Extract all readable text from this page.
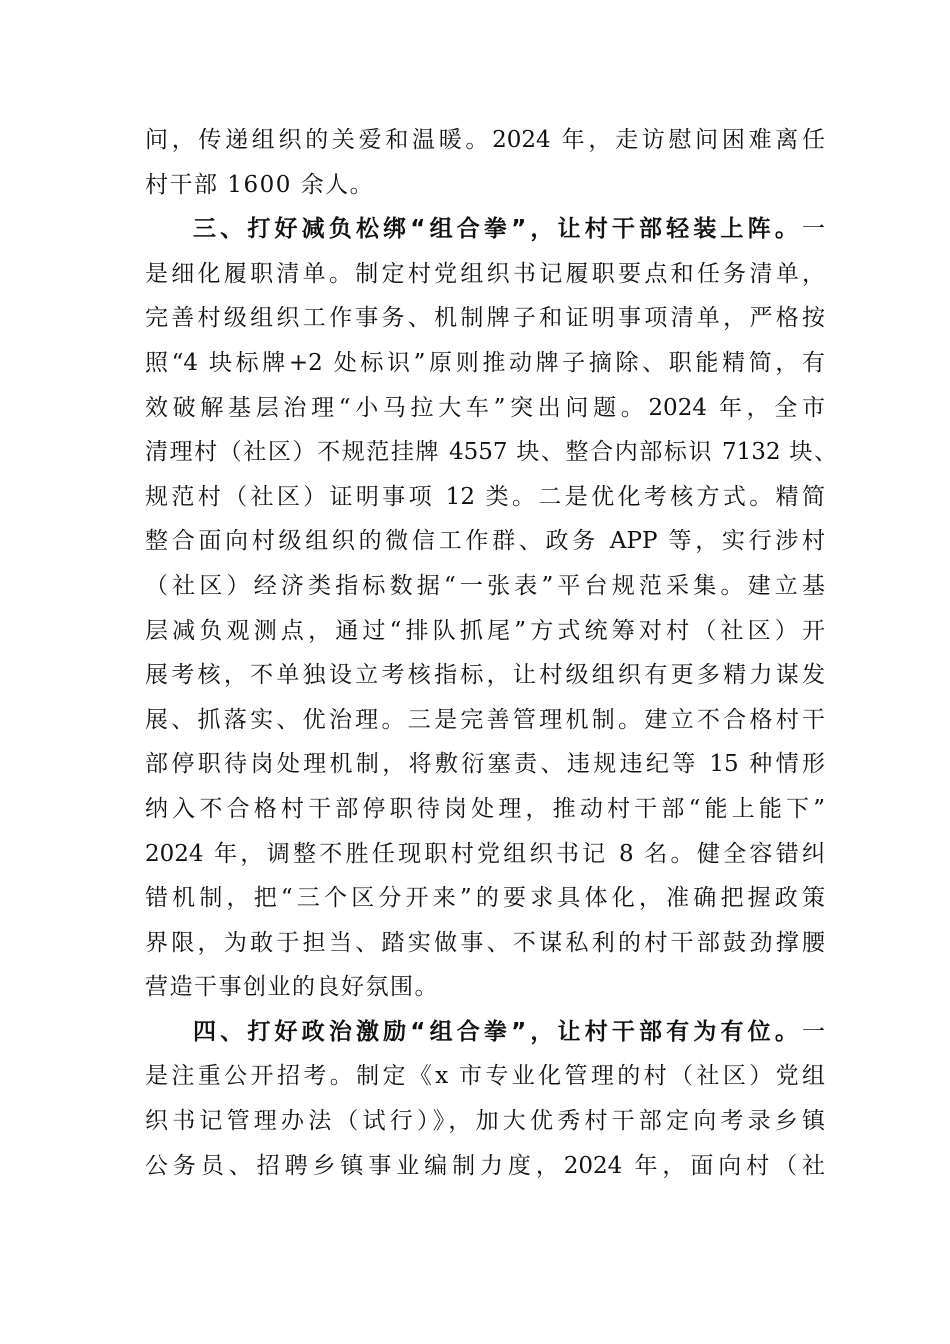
问，传递组织的关爱和温暖。2024 年，走访慰问困难离任
村干部 1600 余人。
三、打好减负松绑“组合拳”，让村干部轻装上阵。一
是细化履职清单。制定村党组织书记履职要点和任务清单，
完善村级组织工作事务、机制牌子和证明事项清单，严格按
照“4 块标牌+2 处标识”原则推动牌子摘除、职能精简，有
效破解基层治理“小马拉大车”突出问题。2024 年，全市
清理村（社区）不规范挂牌 4557 块、整合内部标识 7132 块、
规范村（社区）证明事项 12 类。二是优化考核方式。精简
整合面向村级组织的微信工作群、政务 APP 等，实行涉村
（社区）经济类指标数据“一张表”平台规范采集。建立基
层减负观测点，通过“排队抓尾”方式统筹对村（社区）开
展考核，不单独设立考核指标，让村级组织有更多精力谋发
展、抓落实、优治理。三是完善管理机制。建立不合格村干
部停职待岗处理机制，将敷衍塞责、违规违纪等 15 种情形
纳入不合格村干部停职待岗处理，推动村干部“能上能下”
2024 年，调整不胜任现职村党组织书记 8 名。健全容错纠
错机制，把“三个区分开来”的要求具体化，准确把握政策
界限，为敢于担当、踏实做事、不谋私利的村干部鼓劲撑腰
营造干事创业的良好氛围。
四、打好政治激励“组合拳”，让村干部有为有位。一
是注重公开招考。制定《x 市专业化管理的村（社区）党组
织书记管理办法（试行）》，加大优秀村干部定向考录乡镇
公务员、招聘乡镇事业编制力度，2024 年，面向村（社
